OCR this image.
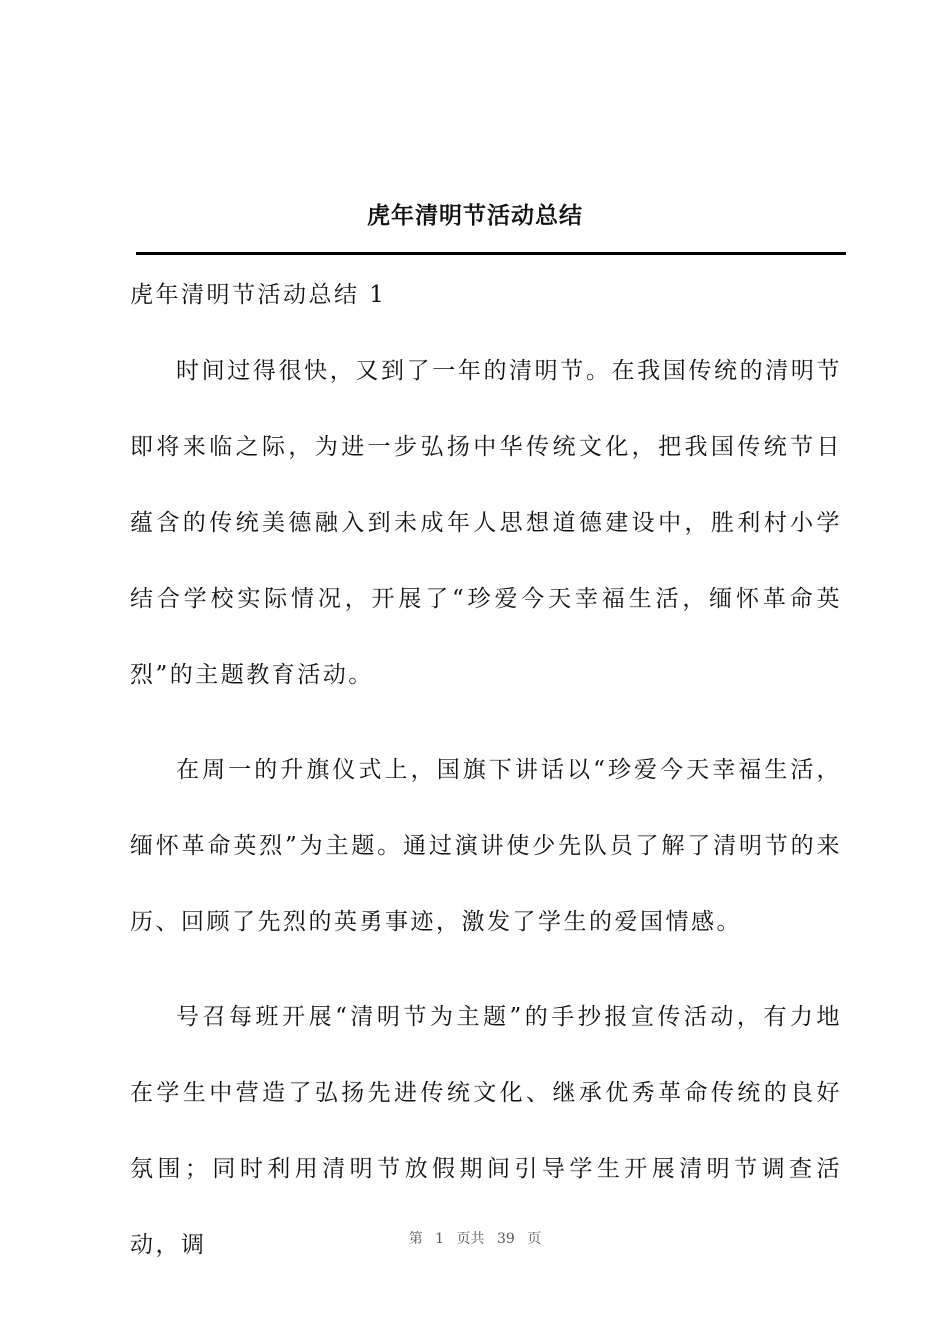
虎年清明节活动总结
虎年清明节活动总结 1

时间过得很快，又到了一年的清明节。在我国传统的清明节即将来临之际，为进一步弘扬中华传统文化，把我国传统节日蕴含的传统美德融入到未成年人思想道德建设中，胜利村小学结合学校实际情况，开展了“珍爱今天幸福生活，缅怀革命英烈”的主题教育活动。

在周一的升旗仪式上，国旗下讲话以“珍爱今天幸福生活，缅怀革命英烈”为主题。通过演讲使少先队员了解了清明节的来历、回顾了先烈的英勇事迹，激发了学生的爱国情感。

号召每班开展“清明节为主题”的手抄报宣传活动，有力地在学生中营造了弘扬先进传统文化、继承优秀革命传统的良好氛围；同时利用清明节放假期间引导学生开展清明节调查活动，调	第 1 页共 39 页
